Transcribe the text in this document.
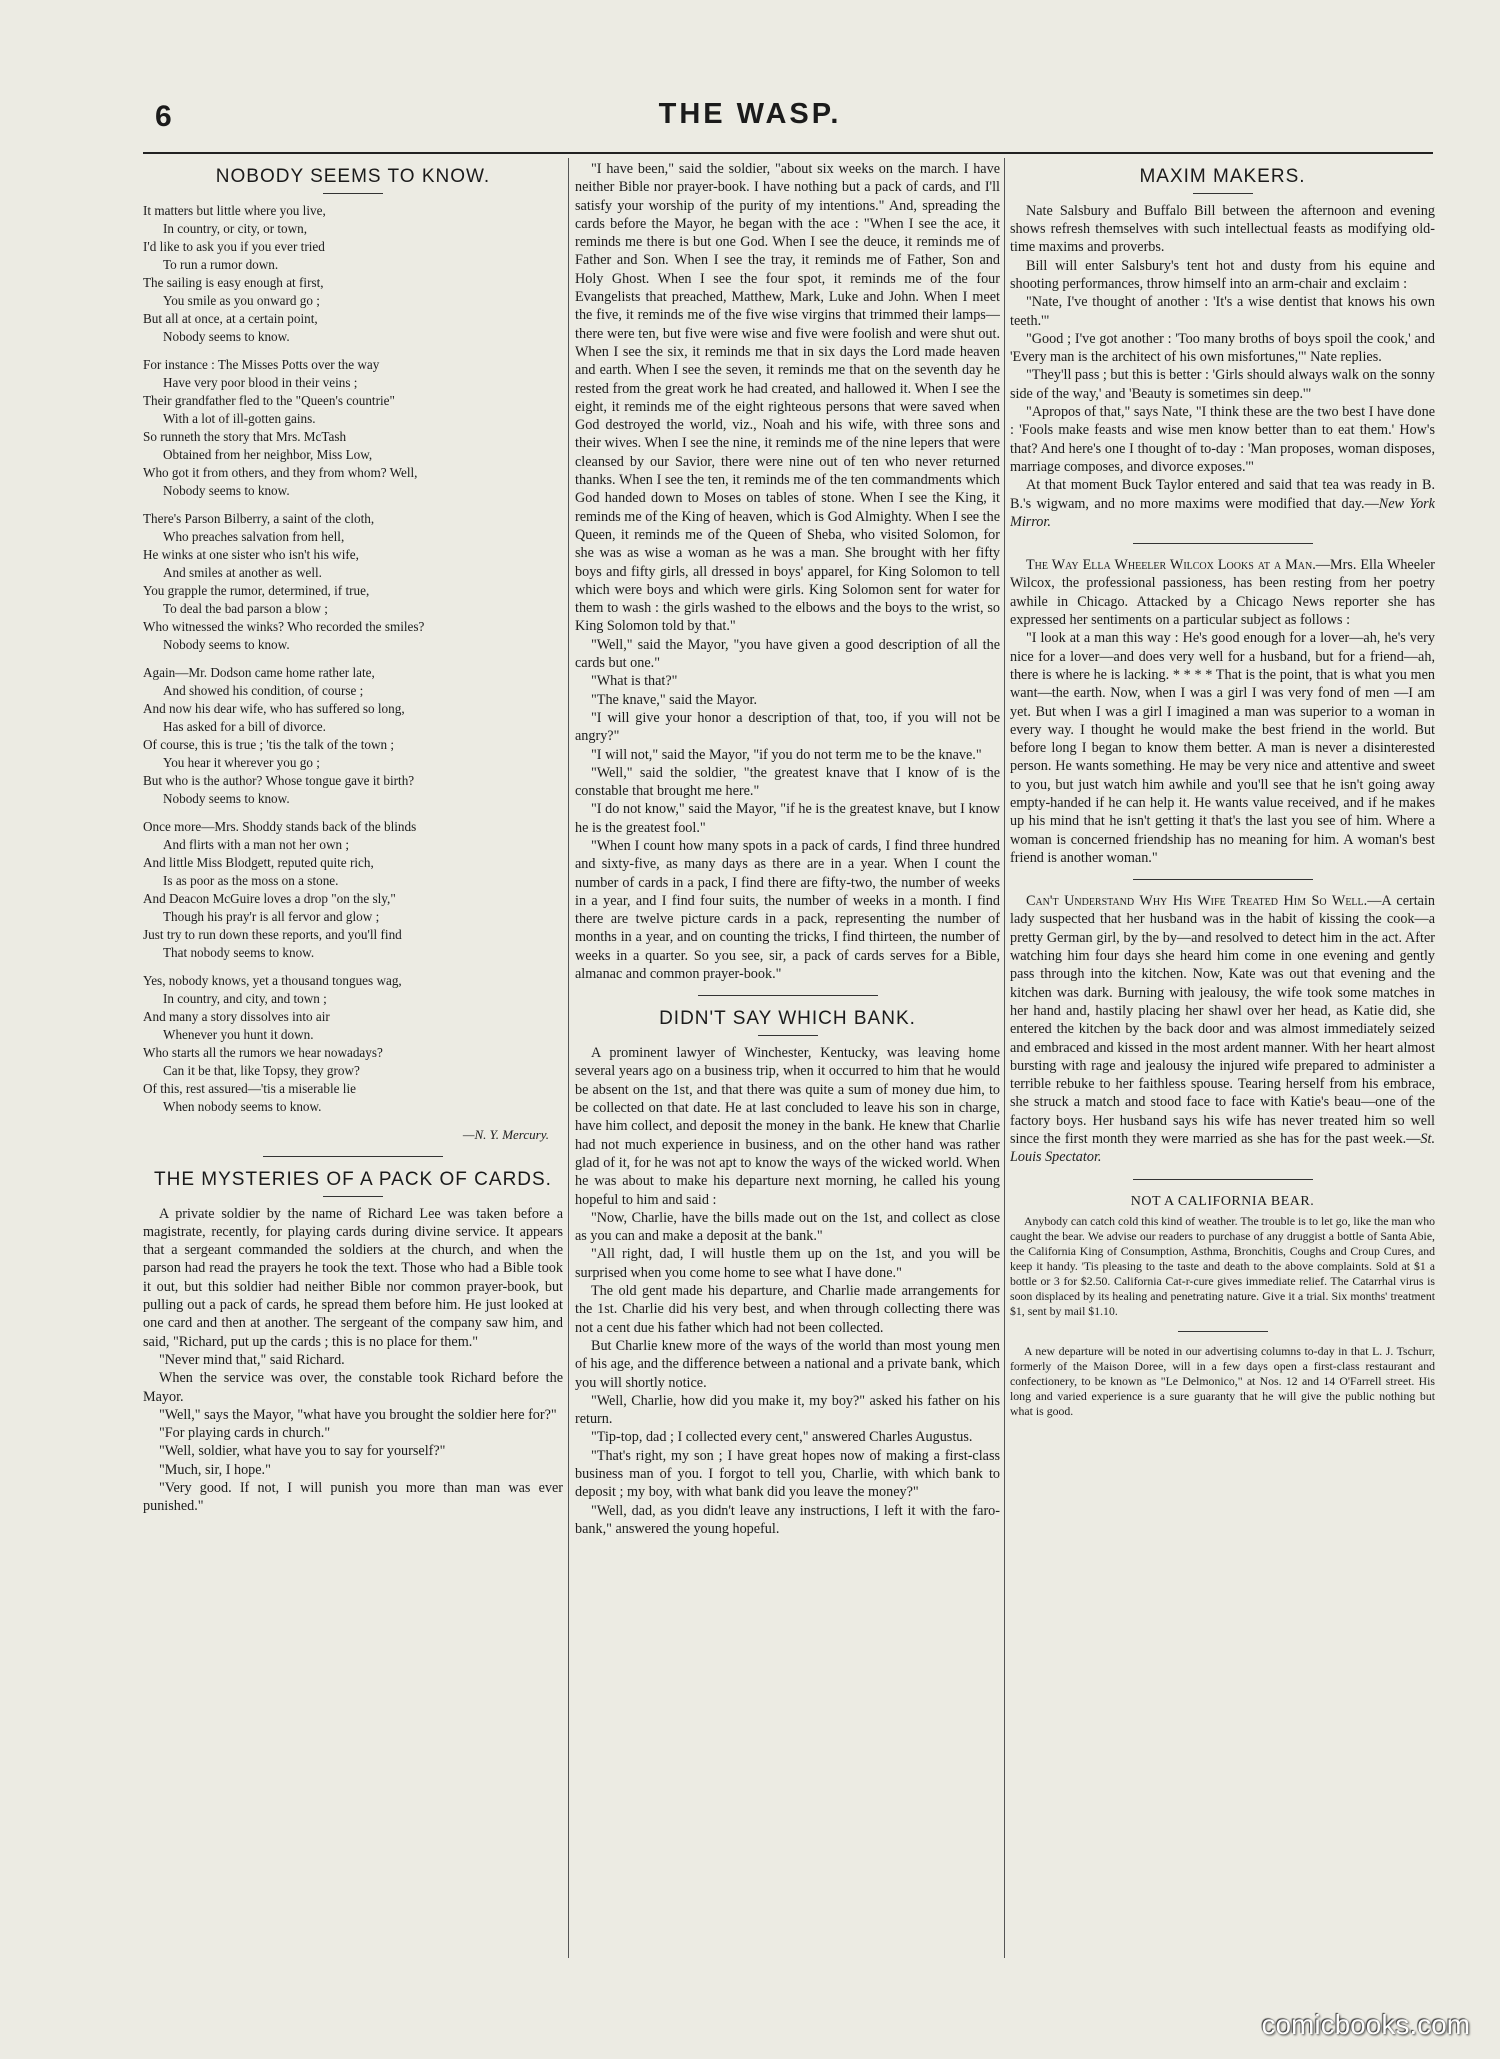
6	THE WASP.
NOBODY SEEMS TO KNOW.
It matters but little where you live,
In country, or city, or town,
I'd like to ask you if you ever tried
To run a rumor down.
The sailing is easy enough at first,
You smile as you onward go ;
But all at once, at a certain point,
Nobody seems to know.
For instance : The Misses Potts over the way
Have very poor blood in their veins ;
Their grandfather fled to the "Queen's countrie"
With a lot of ill-gotten gains.
So runneth the story that Mrs. McTash
Obtained from her neighbor, Miss Low,
Who got it from others, and they from whom? Well,
Nobody seems to know.
There's Parson Bilberry, a saint of the cloth,
Who preaches salvation from hell,
He winks at one sister who isn't his wife,
And smiles at another as well.
You grapple the rumor, determined, if true,
To deal the bad parson a blow ;
Who witnessed the winks? Who recorded the smiles?
Nobody seems to know.
Again—Mr. Dodson came home rather late,
And showed his condition, of course ;
And now his dear wife, who has suffered so long,
Has asked for a bill of divorce.
Of course, this is true ; 'tis the talk of the town ;
You hear it wherever you go ;
But who is the author? Whose tongue gave it birth?
Nobody seems to know.
Once more—Mrs. Shoddy stands back of the blinds
And flirts with a man not her own ;
And little Miss Blodgett, reputed quite rich,
Is as poor as the moss on a stone.
And Deacon McGuire loves a drop "on the sly,"
Though his pray'r is all fervor and glow ;
Just try to run down these reports, and you'll find
That nobody seems to know.
Yes, nobody knows, yet a thousand tongues wag,
In country, and city, and town ;
And many a story dissolves into air
Whenever you hunt it down.
Who starts all the rumors we hear nowadays?
Can it be that, like Topsy, they grow?
Of this, rest assured—'tis a miserable lie
When nobody seems to know.
—N. Y. Mercury.
THE MYSTERIES OF A PACK OF CARDS.

A private soldier by the name of Richard Lee was taken before a magistrate, recently, for playing cards during divine service. It appears that a sergeant commanded the soldiers at the church, and when the parson had read the prayers he took the text. Those who had a Bible took it out, but this soldier had neither Bible nor common prayer-book, but pulling out a pack of cards, he spread them before him. He just looked at one card and then at another. The sergeant of the company saw him, and said, "Richard, put up the cards ; this is no place for them."

"Never mind that," said Richard.

When the service was over, the constable took Richard before the Mayor.

"Well," says the Mayor, "what have you brought the soldier here for?"

"For playing cards in church."

"Well, soldier, what have you to say for yourself?"

"Much, sir, I hope."

"Very good. If not, I will punish you more than man was ever punished."

"I have been," said the soldier, "about six weeks on the march. I have neither Bible nor prayer-book. I have nothing but a pack of cards, and I'll satisfy your worship of the purity of my intentions." And, spreading the cards before the Mayor, he began with the ace : "When I see the ace, it reminds me there is but one God. When I see the deuce, it reminds me of Father and Son. When I see the tray, it reminds me of Father, Son and Holy Ghost. When I see the four spot, it reminds me of the four Evangelists that preached, Matthew, Mark, Luke and John. When I meet the five, it reminds me of the five wise virgins that trimmed their lamps—there were ten, but five were wise and five were foolish and were shut out. When I see the six, it reminds me that in six days the Lord made heaven and earth. When I see the seven, it reminds me that on the seventh day he rested from the great work he had created, and hallowed it. When I see the eight, it reminds me of the eight righteous persons that were saved when God destroyed the world, viz., Noah and his wife, with three sons and their wives. When I see the nine, it reminds me of the nine lepers that were cleansed by our Savior, there were nine out of ten who never returned thanks. When I see the ten, it reminds me of the ten commandments which God handed down to Moses on tables of stone. When I see the King, it reminds me of the King of heaven, which is God Almighty. When I see the Queen, it reminds me of the Queen of Sheba, who visited Solomon, for she was as wise a woman as he was a man. She brought with her fifty boys and fifty girls, all dressed in boys' apparel, for King Solomon to tell which were boys and which were girls. King Solomon sent for water for them to wash : the girls washed to the elbows and the boys to the wrist, so King Solomon told by that."

"Well," said the Mayor, "you have given a good description of all the cards but one."

"What is that?"

"The knave," said the Mayor.

"I will give your honor a description of that, too, if you will not be angry?"

"I will not," said the Mayor, "if you do not term me to be the knave."

"Well," said the soldier, "the greatest knave that I know of is the constable that brought me here."

"I do not know," said the Mayor, "if he is the greatest knave, but I know he is the greatest fool."

"When I count how many spots in a pack of cards, I find three hundred and sixty-five, as many days as there are in a year. When I count the number of cards in a pack, I find there are fifty-two, the number of weeks in a year, and I find four suits, the number of weeks in a month. I find there are twelve picture cards in a pack, representing the number of months in a year, and on counting the tricks, I find thirteen, the number of weeks in a quarter. So you see, sir, a pack of cards serves for a Bible, almanac and common prayer-book."

DIDN'T SAY WHICH BANK.

A prominent lawyer of Winchester, Kentucky, was leaving home several years ago on a business trip, when it occurred to him that he would be absent on the 1st, and that there was quite a sum of money due him, to be collected on that date. He at last concluded to leave his son in charge, have him collect, and deposit the money in the bank. He knew that Charlie had not much experience in business, and on the other hand was rather glad of it, for he was not apt to know the ways of the wicked world. When he was about to make his departure next morning, he called his young hopeful to him and said :

"Now, Charlie, have the bills made out on the 1st, and collect as close as you can and make a deposit at the bank."

"All right, dad, I will hustle them up on the 1st, and you will be surprised when you come home to see what I have done."

The old gent made his departure, and Charlie made arrangements for the 1st. Charlie did his very best, and when through collecting there was not a cent due his father which had not been collected.

But Charlie knew more of the ways of the world than most young men of his age, and the difference between a national and a private bank, which you will shortly notice.

"Well, Charlie, how did you make it, my boy?" asked his father on his return.

"Tip-top, dad ; I collected every cent," answered Charles Augustus.

"That's right, my son ; I have great hopes now of making a first-class business man of you. I forgot to tell you, Charlie, with which bank to deposit ; my boy, with what bank did you leave the money?"

"Well, dad, as you didn't leave any instructions, I left it with the faro-bank," answered the young hopeful.

MAXIM MAKERS.

Nate Salsbury and Buffalo Bill between the afternoon and evening shows refresh themselves with such intellectual feasts as modifying old-time maxims and proverbs.

Bill will enter Salsbury's tent hot and dusty from his equine and shooting performances, throw himself into an arm-chair and exclaim :

"Nate, I've thought of another : 'It's a wise dentist that knows his own teeth.'"

"Good ; I've got another : 'Too many broths of boys spoil the cook,' and 'Every man is the architect of his own misfortunes,'" Nate replies.

"They'll pass ; but this is better : 'Girls should always walk on the sonny side of the way,' and 'Beauty is sometimes sin deep.'"

"Apropos of that," says Nate, "I think these are the two best I have done : 'Fools make feasts and wise men know better than to eat them.' How's that? And here's one I thought of to-day : 'Man proposes, woman disposes, marriage composes, and divorce exposes.'"

At that moment Buck Taylor entered and said that tea was ready in B. B.'s wigwam, and no more maxims were modified that day.—New York Mirror.

The Way Ella Wheeler Wilcox Looks at a Man.—Mrs. Ella Wheeler Wilcox, the professional passioness, has been resting from her poetry awhile in Chicago. Attacked by a Chicago News reporter she has expressed her sentiments on a particular subject as follows :

"I look at a man this way : He's good enough for a lover—ah, he's very nice for a lover—and does very well for a husband, but for a friend—ah, there is where he is lacking. * * * * That is the point, that is what you men want—the earth. Now, when I was a girl I was very fond of men —I am yet. But when I was a girl I imagined a man was superior to a woman in every way. I thought he would make the best friend in the world. But before long I began to know them better. A man is never a disinterested person. He wants something. He may be very nice and attentive and sweet to you, but just watch him awhile and you'll see that he isn't going away empty-handed if he can help it. He wants value received, and if he makes up his mind that he isn't getting it that's the last you see of him. Where a woman is concerned friendship has no meaning for him. A woman's best friend is another woman."

Can't Understand Why His Wife Treated Him So Well.—A certain lady suspected that her husband was in the habit of kissing the cook—a pretty German girl, by the by—and resolved to detect him in the act. After watching him four days she heard him come in one evening and gently pass through into the kitchen. Now, Kate was out that evening and the kitchen was dark. Burning with jealousy, the wife took some matches in her hand and, hastily placing her shawl over her head, as Katie did, she entered the kitchen by the back door and was almost immediately seized and embraced and kissed in the most ardent manner. With her heart almost bursting with rage and jealousy the injured wife prepared to administer a terrible rebuke to her faithless spouse. Tearing herself from his embrace, she struck a match and stood face to face with Katie's beau—one of the factory boys. Her husband says his wife has never treated him so well since the first month they were married as she has for the past week.—St. Louis Spectator.

NOT A CALIFORNIA BEAR.

Anybody can catch cold this kind of weather. The trouble is to let go, like the man who caught the bear. We advise our readers to purchase of any druggist a bottle of Santa Abie, the California King of Consumption, Asthma, Bronchitis, Coughs and Croup Cures, and keep it handy. 'Tis pleasing to the taste and death to the above complaints. Sold at $1 a bottle or 3 for $2.50. California Cat-r-cure gives immediate relief. The Catarrhal virus is soon displaced by its healing and penetrating nature. Give it a trial. Six months' treatment $1, sent by mail $1.10.

A new departure will be noted in our advertising columns to-day in that L. J. Tschurr, formerly of the Maison Doree, will in a few days open a first-class restaurant and confectionery, to be known as "Le Delmonico," at Nos. 12 and 14 O'Farrell street. His long and varied experience is a sure guaranty that he will give the public nothing but what is good.

comicbooks.com
